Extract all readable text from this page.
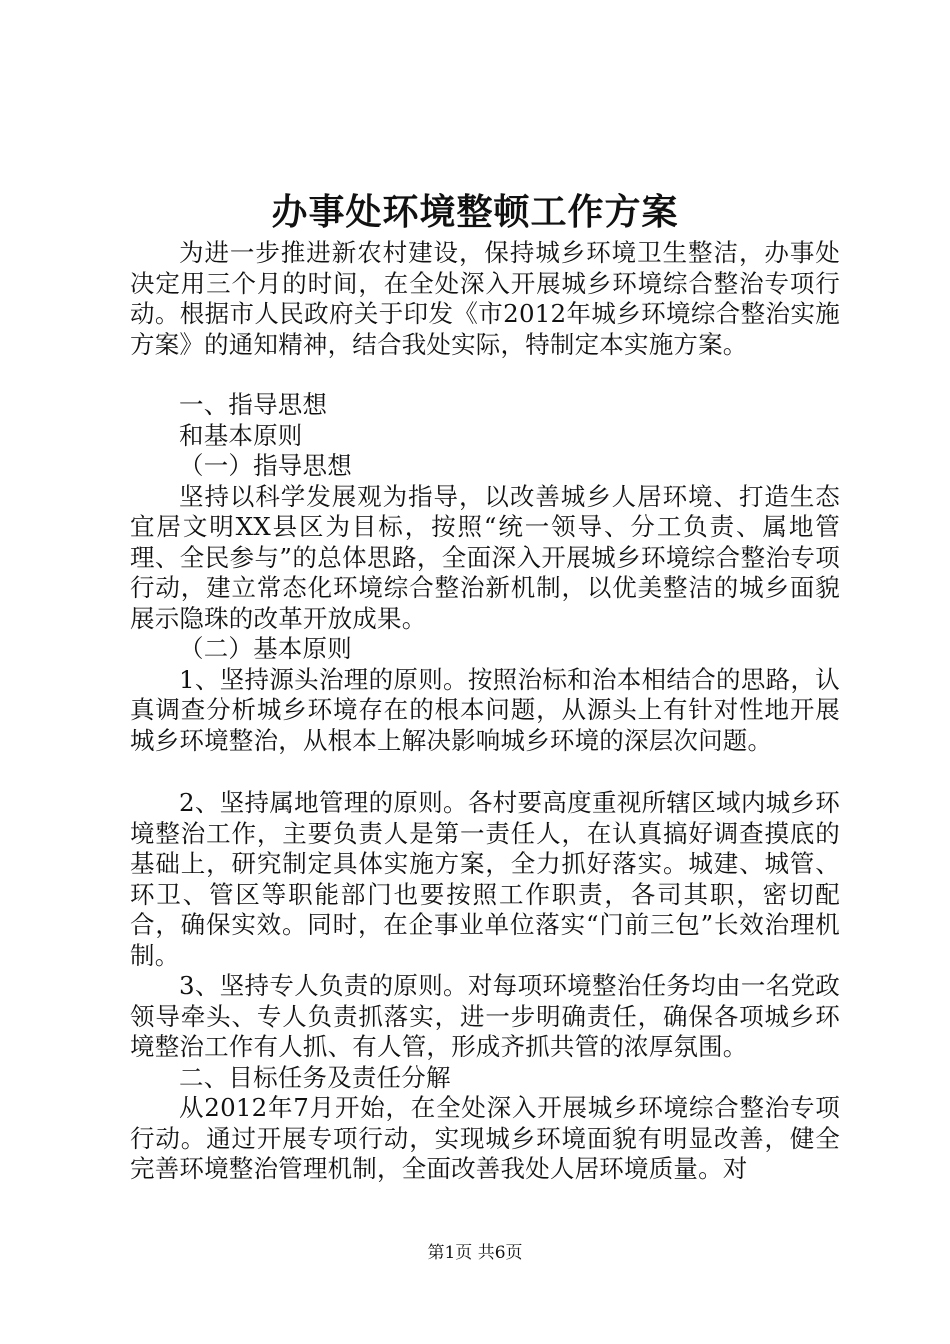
办事处环境整顿工作方案

为进一步推进新农村建设，保持城乡环境卫生整洁，办事处决定用三个月的时间，在全处深入开展城乡环境综合整治专项行动。根据市人民政府关于印发《市2012年城乡环境综合整治实施方案》的通知精神，结合我处实际，特制定本实施方案。

一、指导思想

和基本原则

（一）指导思想

坚持以科学发展观为指导，以改善城乡人居环境、打造生态宜居文明XX县区为目标，按照“统一领导、分工负责、属地管理、全民参与”的总体思路，全面深入开展城乡环境综合整治专项行动，建立常态化环境综合整治新机制，以优美整洁的城乡面貌展示隐珠的改革开放成果。

（二）基本原则

1、坚持源头治理的原则。按照治标和治本相结合的思路，认真调查分析城乡环境存在的根本问题，从源头上有针对性地开展城乡环境整治，从根本上解决影响城乡环境的深层次问题。

2、坚持属地管理的原则。各村要高度重视所辖区域内城乡环境整治工作，主要负责人是第一责任人，在认真搞好调查摸底的基础上，研究制定具体实施方案，全力抓好落实。城建、城管、环卫、管区等职能部门也要按照工作职责，各司其职，密切配合，确保实效。同时，在企事业单位落实“门前三包”长效治理机制。

3、坚持专人负责的原则。对每项环境整治任务均由一名党政领导牵头、专人负责抓落实，进一步明确责任，确保各项城乡环境整治工作有人抓、有人管，形成齐抓共管的浓厚氛围。

二、目标任务及责任分解

从2012年7月开始，在全处深入开展城乡环境综合整治专项行动。通过开展专项行动，实现城乡环境面貌有明显改善，健全完善环境整治管理机制，全面改善我处人居环境质量。对

第1页 共6页
